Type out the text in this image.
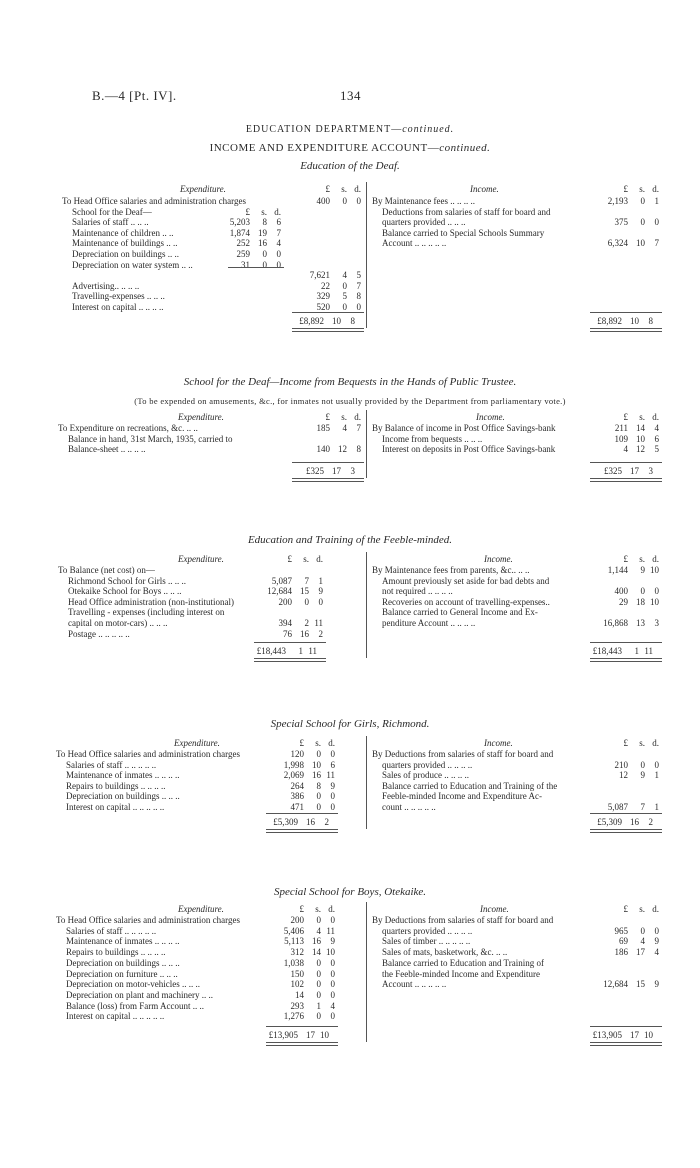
B.—4 [Pt. IV].	134
EDUCATION DEPARTMENT—continued.
INCOME AND EXPENDITURE ACCOUNT—continued.
Education of the Deaf.
Expenditure.	Income.
£	s. d.	£	s. d.
To Head Office salaries and administration charges	400	0	0
School for the Deaf—	£	s. d.
Salaries of staff .. .. ..	5,203	8	6
Maintenance of children .. ..	1,874 19	7
Maintenance of buildings .. ..	252 16	4
Depreciation on buildings .. ..	259	0	0
Depreciation on water system .. ..	31	0	0
7,621	4	5
Advertising.. .. .. ..	22	0	7
Travelling-expenses .. .. ..	329	5	8
Interest on capital .. .. .. ..	520	0	0
By Maintenance fees .. .. .. ..	2,193	0	1
Deductions from salaries of staff for board and
quarters provided .. .. ..	375	0	0
Balance carried to Special Schools Summary
Account .. .. .. .. ..	6,324 10	7
£8,892 10	8	£8,892 10	8
School for the Deaf—Income from Bequests in the Hands of Public Trustee.
(To be expended on amusements, &c., for inmates not usually provided by the Department from parliamentary vote.)
Expenditure.	Income.
£	s. d.	£	s. d.
To Expenditure on recreations, &c. .. ..	185	4	7
Balance in hand, 31st March, 1935, carried to
Balance-sheet .. .. .. ..	140 12	8
By Balance of income in Post Office Savings-bank	211 14	4
Income from bequests .. .. ..	109 10	6
Interest on deposits in Post Office Savings-bank	4 12	5
£325 17	3	£325 17	3
Education and Training of the Feeble-minded.
Expenditure.	Income.
£	s. d.	£	s. d.
To Balance (net cost) on—
Richmond School for Girls .. .. ..	5,087	7	1
Otekaike School for Boys .. .. ..	12,684 15	9
Head Office administration (non-institutional)	200	0	0
Travelling - expenses (including interest on
capital on motor-cars) .. .. ..	394	2 11
Postage .. .. .. .. ..	76 16	2
By Maintenance fees from parents, &c.. .. ..	1,144	9 10
Amount previously set aside for bad debts and
not required .. .. .. ..	400	0	0
Recoveries on account of travelling-expenses..	29 18 10
Balance carried to General Income and Ex-
penditure Account .. .. .. ..	16,868 13	3
£18,443	1 11	£18,443	1 11
Special School for Girls, Richmond.
Expenditure.	Income.
£	s. d.	£	s. d.
To Head Office salaries and administration charges	120	0	0
Salaries of staff .. .. .. .. ..	1,998 10	6
Maintenance of inmates .. .. .. ..	2,069 16 11
Repairs to buildings .. .. .. ..	264	8	9
Depreciation on buildings .. .. ..	386	0	0
Interest on capital .. .. .. .. ..	471	0	0
By Deductions from salaries of staff for board and
quarters provided .. .. .. ..	210	0	0
Sales of produce .. .. .. ..	12	9	1
Balance carried to Education and Training of the
Feeble-minded Income and Expenditure Ac-
count .. .. .. .. ..	5,087	7	1
£5,309 16	2	£5,309 16	2
Special School for Boys, Otekaike.
Expenditure.	Income.
£	s. d.	£	s. d.
To Head Office salaries and administration charges	200	0	0
Salaries of staff .. .. .. .. ..	5,406	4 11
Maintenance of inmates .. .. .. ..	5,113 16	9
Repairs to buildings .. .. .. ..	312 14 10
Depreciation on buildings .. .. ..	1,038	0	0
Depreciation on furniture .. .. ..	150	0	0
Depreciation on motor-vehicles .. .. ..	102	0	0
Depreciation on plant and machinery .. ..	14	0	0
Balance (loss) from Farm Account .. ..	293	1	4
Interest on capital .. .. .. .. ..	1,276	0	0
By Deductions from salaries of staff for board and
quarters provided .. .. .. ..	965	0	0
Sales of timber .. .. .. .. ..	69	4	9
Sales of mats, basketwork, &c. .. ..	186 17	4
Balance carried to Education and Training of
the Feeble-minded Income and Expenditure
Account .. .. .. .. ..	12,684 15	9
£13,905 17 10	£13,905 17 10
